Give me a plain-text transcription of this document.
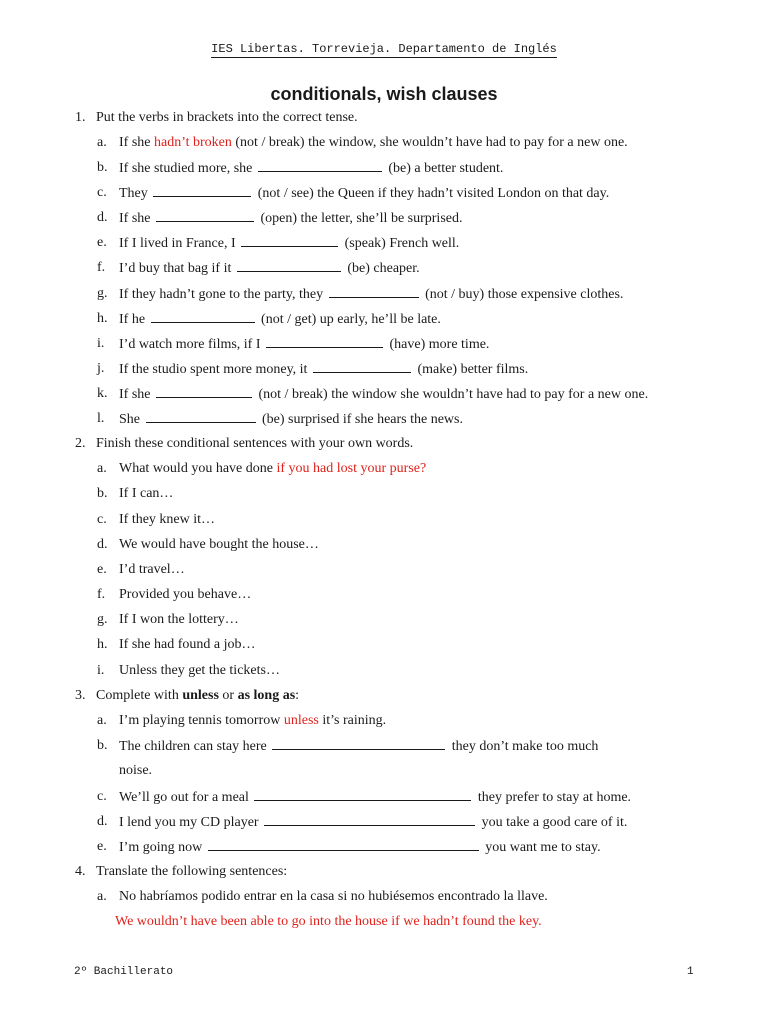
IES Libertas. Torrevieja. Departamento de Inglés
conditionals, wish clauses
1. Put the verbs in brackets into the correct tense.
a. If she hadn’t broken (not / break) the window, she wouldn’t have had to pay for a new one.
b. If she studied more, she	(be) a better student.
c. They	(not / see) the Queen if they hadn’t visited London on that day.
d. If she	(open) the letter, she’ll be surprised.
e. If I lived in France, I	(speak) French well.
f. I’d buy that bag if it	(be) cheaper.
g. If they hadn’t gone to the party, they	(not / buy) those expensive clothes.
h. If he	(not / get) up early, he’ll be late.
i. I’d watch more films, if I	(have) more time.
j. If the studio spent more money, it	(make) better films.
k. If she	(not / break) the window she wouldn’t have had to pay for a new one.
l. She	(be) surprised if she hears the news.
2. Finish these conditional sentences with your own words.
a. What would you have done if you had lost your purse?
b. If I can…
c. If they knew it…
d. We would have bought the house…
e. I’d travel…
f. Provided you behave…
g. If I won the lottery…
h. If she had found a job…
i. Unless they get the tickets…
3. Complete with unless or as long as:
a. I’m playing tennis tomorrow unless it’s raining.
b. The children can stay here	they don’t make too much
noise.
c. We’ll go out for a meal	they prefer to stay at home.
d. I lend you my CD player	you take a good care of it.
e. I’m going now	you want me to stay.
4. Translate the following sentences:
a. No habríamos podido entrar en la casa si no hubiésemos encontrado la llave.
We wouldn’t have been able to go into the house if we hadn’t found the key.
2º Bachillerato	1
